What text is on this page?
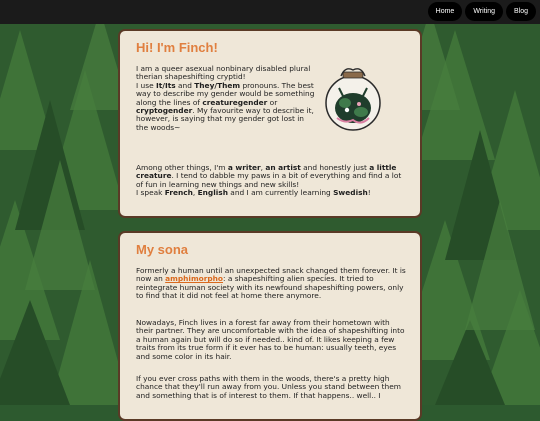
Home	Writing	Blog
Hi! I'm Finch!

I am a queer asexual nonbinary disabled plural therian shapeshifting cryptid!
I use It/Its and They/Them pronouns. The best way to describe my gender would be something along the lines of creaturegender or cryptogender. My favourite way to describe it, however, is saying that my gender got lost in the woods~

Among other things, I'm a writer, an artist and honestly just a little creature. I tend to dabble my paws in a bit of everything and find a lot of fun in learning new things and new skills!
I speak French, English and I am currently learning Swedish!

My sona

Formerly a human until an unexpected snack changed them forever. It is now an amphimorpho: a shapeshifting alien species. It tried to reintegrate human society with its newfound shapeshifting powers, only to find that it did not feel at home there anymore.

Nowadays, Finch lives in a forest far away from their hometown with their partner. They are uncomfortable with the idea of shapeshifting into a human again but will do so if needed.. kind of. It likes keeping a few traits from its true form if it ever has to be human: usually teeth, eyes and some color in its hair.
If you ever cross paths with them in the woods, there's a pretty high chance that they'll run away from you. Unless you stand between them and something that is of interest to them. If that happens.. well.. I
